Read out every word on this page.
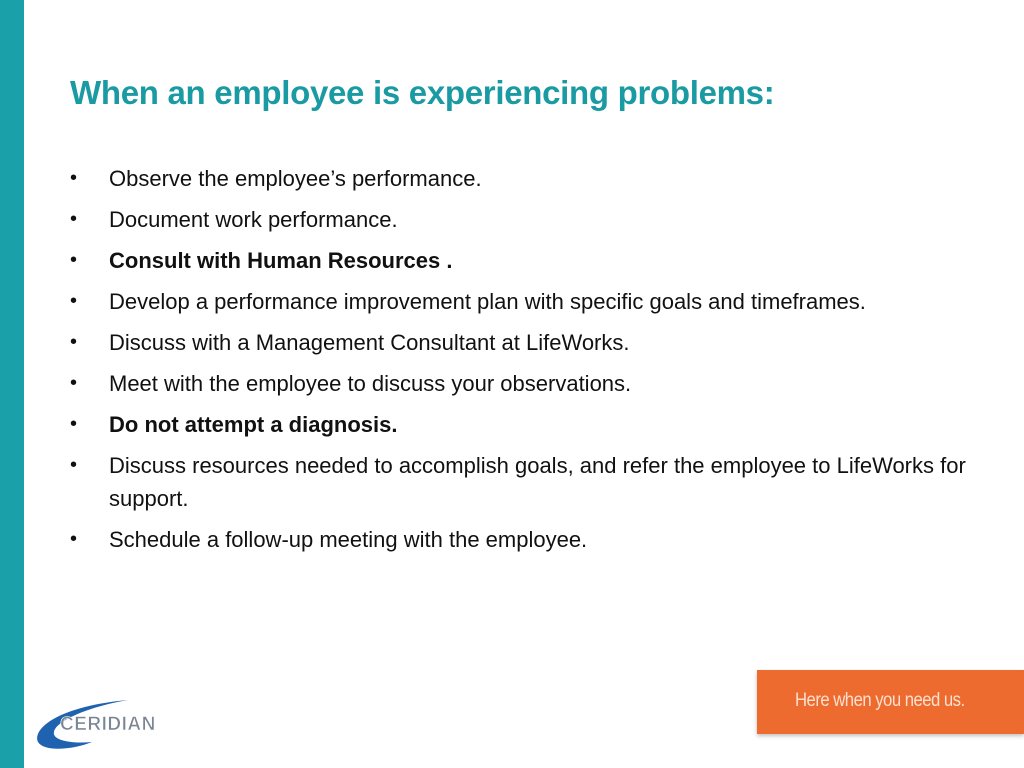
When an employee is experiencing problems:
•	Observe the employee’s performance.
•	Document work performance.
•	Consult with Human Resources .
•	Develop a performance improvement plan with specific goals and timeframes.
•	Discuss with a Management Consultant at LifeWorks.
•	Meet with the employee to discuss your observations.
•	Do not attempt a diagnosis.
•	Discuss resources needed to accomplish goals, and refer the employee to LifeWorks for support.
•	Schedule a follow-up meeting with the employee.
CERIDIAN
Here when you need us.
